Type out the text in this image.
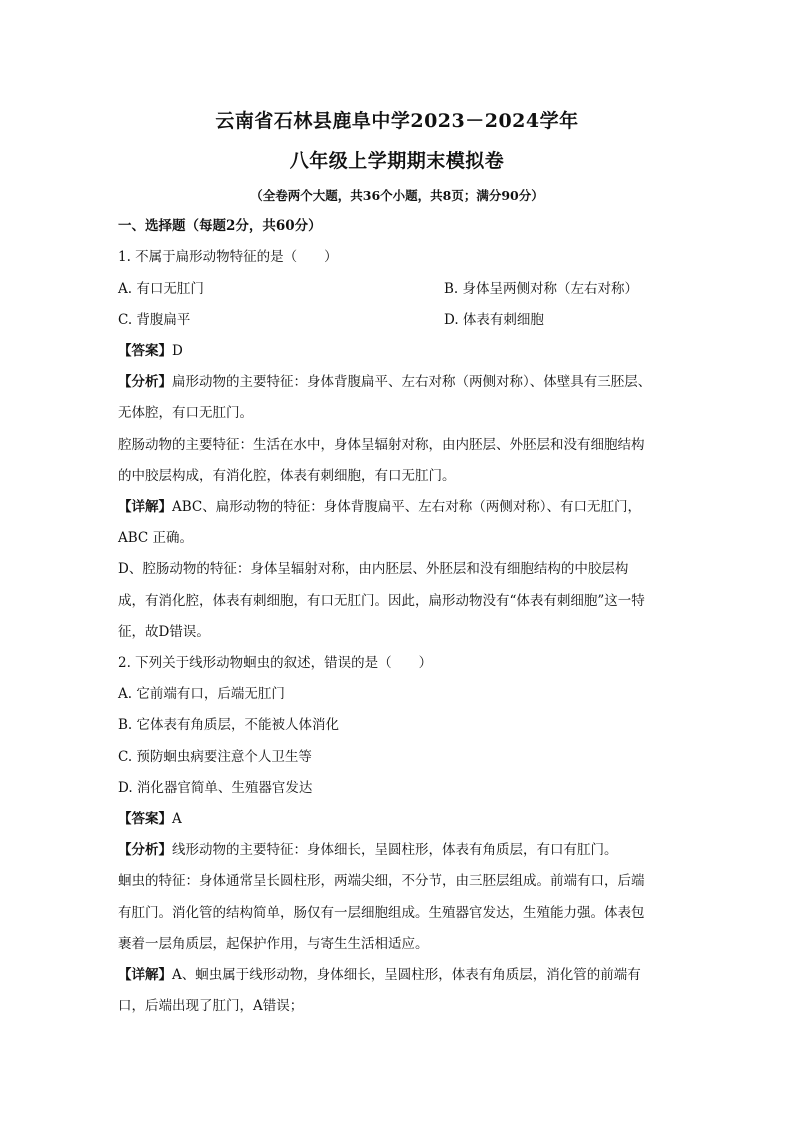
云南省石林县鹿阜中学2023－2024学年
八年级上学期期末模拟卷
（全卷两个大题，共36个小题，共8页；满分90分）
一、选择题（每题2分，共60分）
1. 不属于扁形动物特征的是（　　）
A. 有口无肛门	B. 身体呈两侧对称（左右对称）
C. 背腹扁平	D. 体表有刺细胞
【答案】D
【分析】扁形动物的主要特征：身体背腹扁平、左右对称（两侧对称）、体壁具有三胚层、
无体腔，有口无肛门。
腔肠动物的主要特征：生活在水中，身体呈辐射对称，由内胚层、外胚层和没有细胞结构
的中胶层构成，有消化腔，体表有刺细胞，有口无肛门。
【详解】ABC、扁形动物的特征：身体背腹扁平、左右对称（两侧对称）、有口无肛门，
ABC 正确。
D、腔肠动物的特征：身体呈辐射对称，由内胚层、外胚层和没有细胞结构的中胶层构
成，有消化腔，体表有刺细胞，有口无肛门。因此，扁形动物没有“体表有刺细胞”这一特
征，故D错误。
2. 下列关于线形动物蛔虫的叙述，错误的是（　　）
A. 它前端有口，后端无肛门
B. 它体表有角质层，不能被人体消化
C. 预防蛔虫病要注意个人卫生等
D. 消化器官简单、生殖器官发达
【答案】A
【分析】线形动物的主要特征：身体细长，呈圆柱形，体表有角质层，有口有肛门。
蛔虫的特征：身体通常呈长圆柱形，两端尖细，不分节，由三胚层组成。前端有口，后端
有肛门。消化管的结构简单，肠仅有一层细胞组成。生殖器官发达，生殖能力强。体表包
裹着一层角质层，起保护作用，与寄生生活相适应。
【详解】A、蛔虫属于线形动物，身体细长，呈圆柱形，体表有角质层，消化管的前端有
口，后端出现了肛门，A错误；
